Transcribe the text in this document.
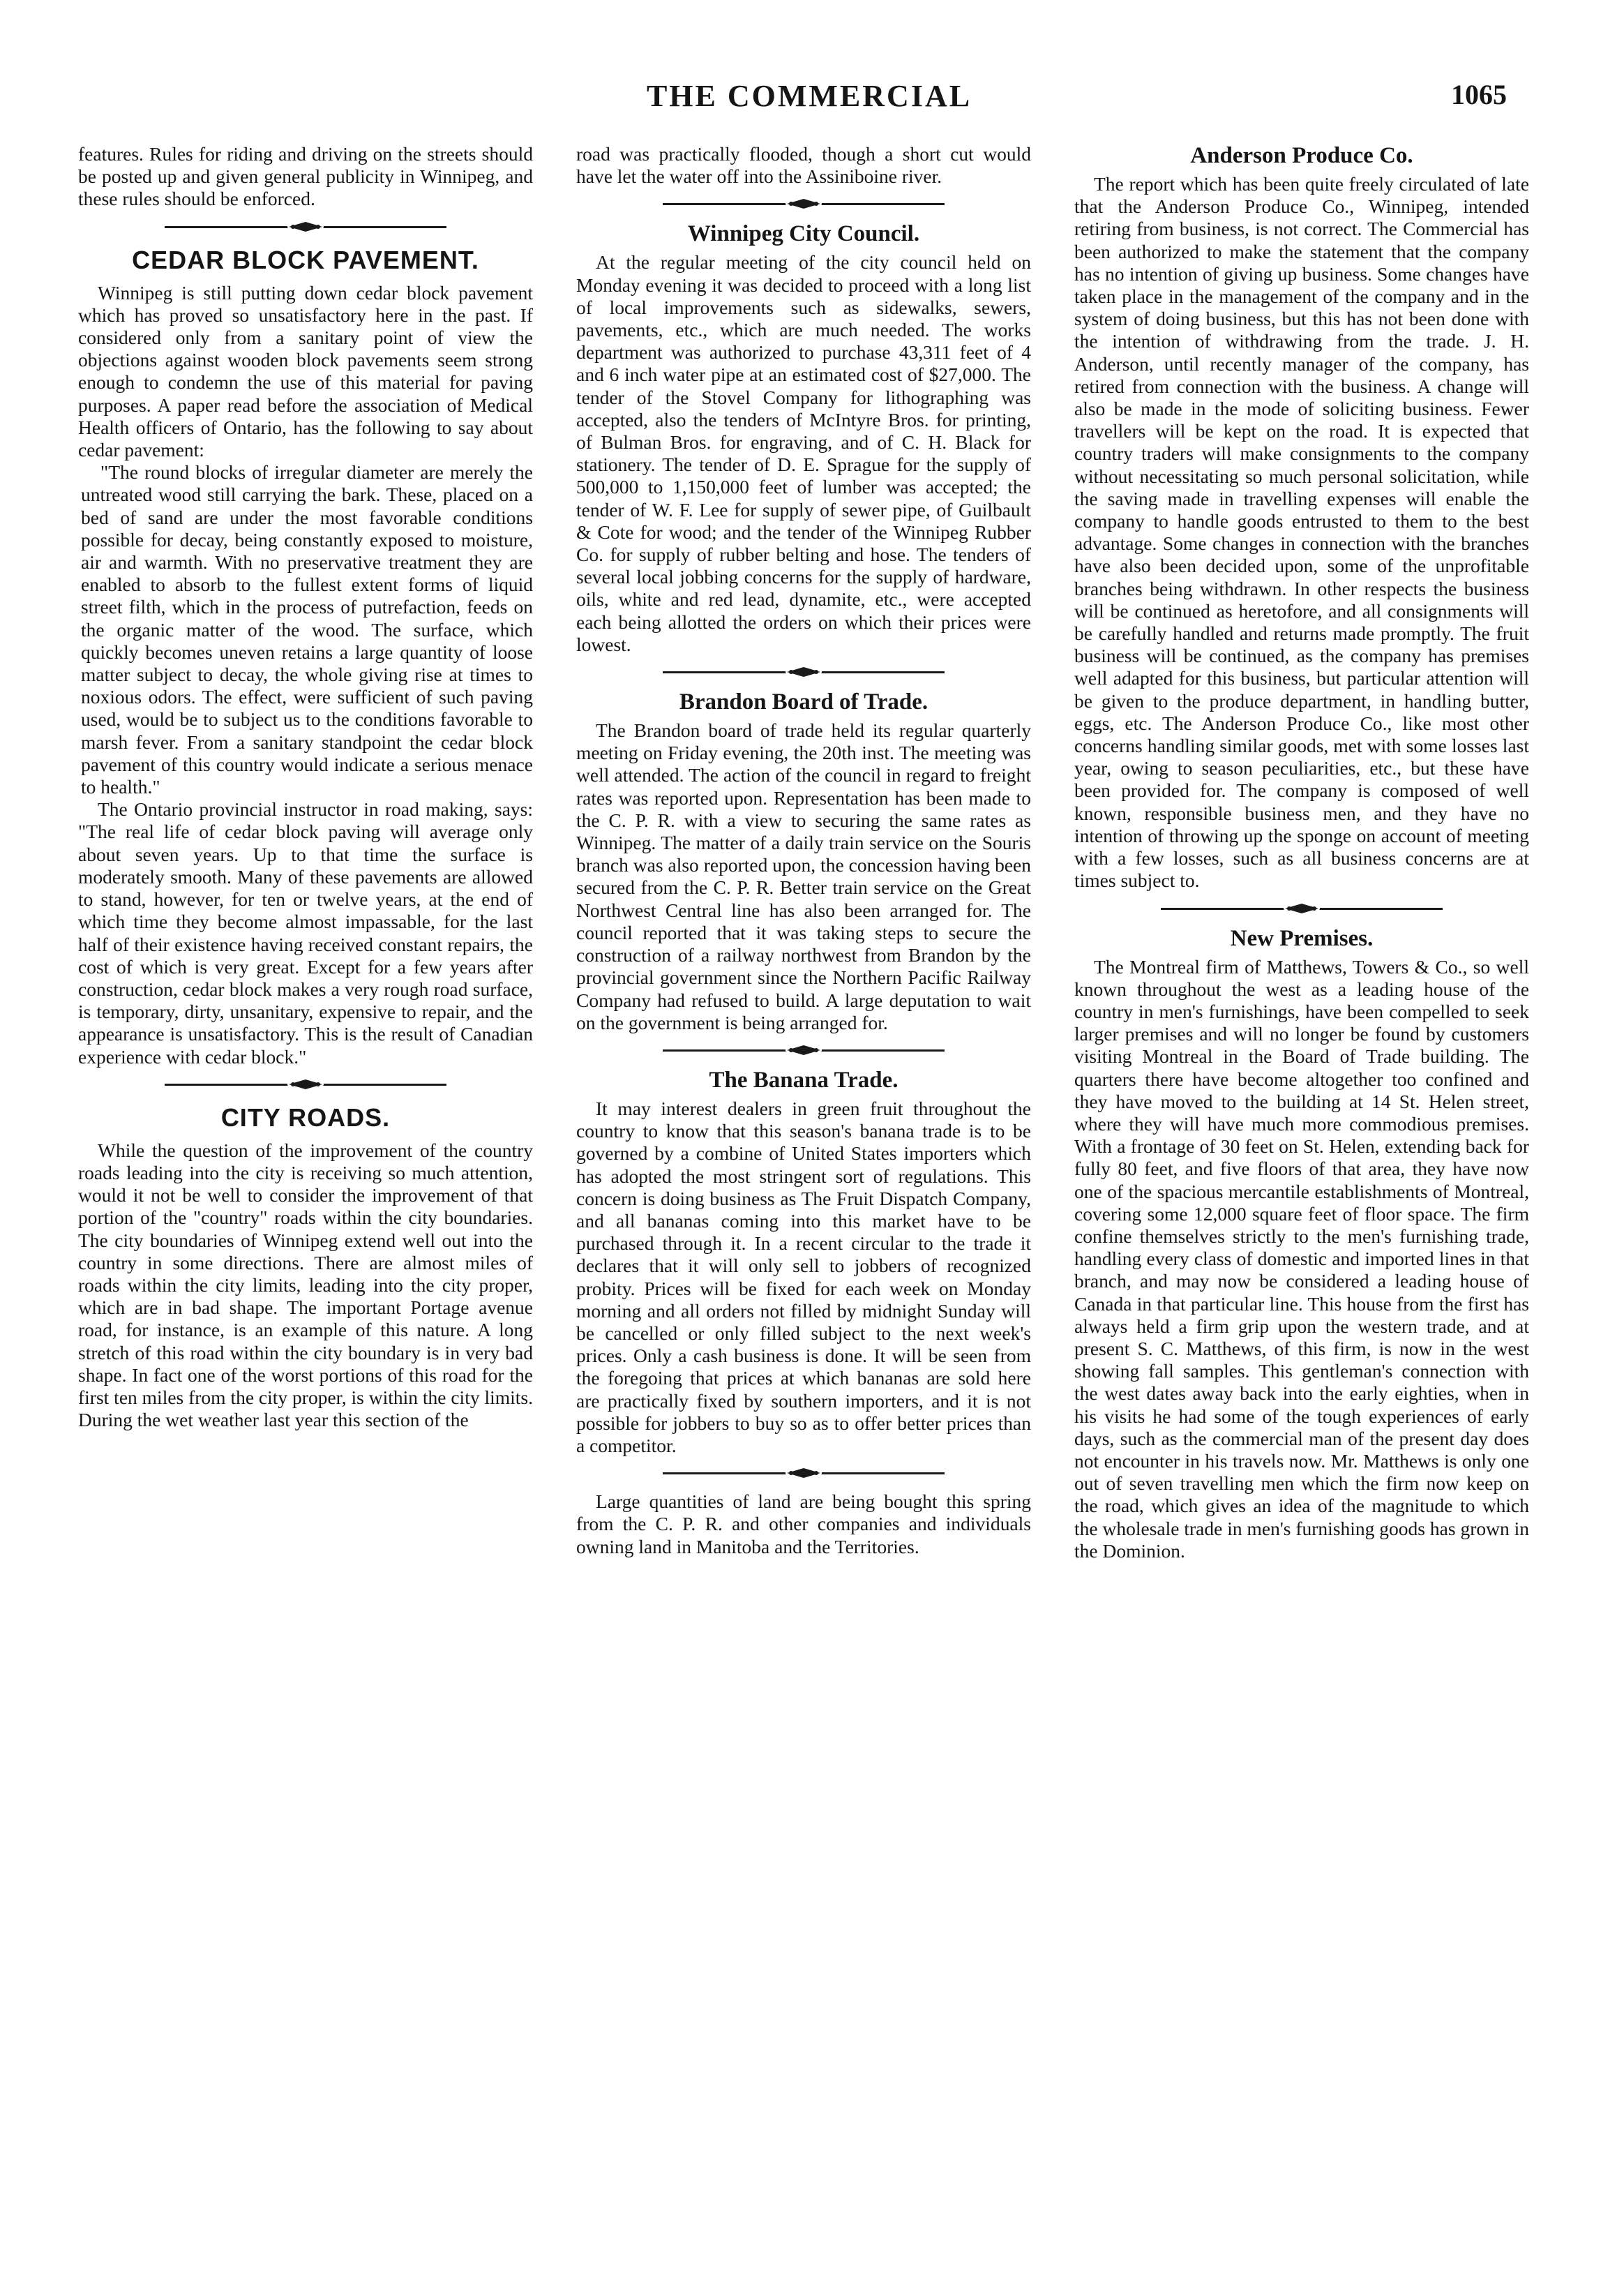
THE COMMERCIAL	1065

features. Rules for riding and driving on the streets should be posted up and given general publicity in Winnipeg, and these rules should be enforced.

CEDAR BLOCK PAVEMENT.

Winnipeg is still putting down cedar block pavement which has proved so unsatisfactory here in the past. If considered only from a sanitary point of view the objections against wooden block pavements seem strong enough to condemn the use of this material for paving purposes. A paper read before the association of Medical Health officers of Ontario, has the following to say about cedar pavement:

"The round blocks of irregular diameter are merely the untreated wood still carrying the bark. These, placed on a bed of sand are under the most favorable conditions possible for decay, being constantly exposed to moisture, air and warmth. With no preservative treatment they are enabled to absorb to the fullest extent forms of liquid street filth, which in the process of putrefaction, feeds on the organic matter of the wood. The surface, which quickly becomes uneven retains a large quantity of loose matter subject to decay, the whole giving rise at times to noxious odors. The effect, were sufficient of such paving used, would be to subject us to the conditions favorable to marsh fever. From a sanitary standpoint the cedar block pavement of this country would indicate a serious menace to health."

The Ontario provincial instructor in road making, says: "The real life of cedar block paving will average only about seven years. Up to that time the surface is moderately smooth. Many of these pavements are allowed to stand, however, for ten or twelve years, at the end of which time they become almost impassable, for the last half of their existence having received constant repairs, the cost of which is very great. Except for a few years after construction, cedar block makes a very rough road surface, is temporary, dirty, unsanitary, expensive to repair, and the appearance is unsatisfactory. This is the result of Canadian experience with cedar block."

CITY ROADS.

While the question of the improvement of the country roads leading into the city is receiving so much attention, would it not be well to consider the improvement of that portion of the "country" roads within the city boundaries. The city boundaries of Winnipeg extend well out into the country in some directions. There are almost miles of roads within the city limits, leading into the city proper, which are in bad shape. The important Portage avenue road, for instance, is an example of this nature. A long stretch of this road within the city boundary is in very bad shape. In fact one of the worst portions of this road for the first ten miles from the city proper, is within the city limits. During the wet weather last year this section of the

road was practically flooded, though a short cut would have let the water off into the Assiniboine river.

Winnipeg City Council.

At the regular meeting of the city council held on Monday evening it was decided to proceed with a long list of local improvements such as sidewalks, sewers, pavements, etc., which are much needed. The works department was authorized to purchase 43,311 feet of 4 and 6 inch water pipe at an estimated cost of $27,000. The tender of the Stovel Company for lithographing was accepted, also the tenders of McIntyre Bros. for printing, of Bulman Bros. for engraving, and of C. H. Black for stationery. The tender of D. E. Sprague for the supply of 500,000 to 1,150,000 feet of lumber was accepted; the tender of W. F. Lee for supply of sewer pipe, of Guilbault & Cote for wood; and the tender of the Winnipeg Rubber Co. for supply of rubber belting and hose. The tenders of several local jobbing concerns for the supply of hardware, oils, white and red lead, dynamite, etc., were accepted each being allotted the orders on which their prices were lowest.

Brandon Board of Trade.

The Brandon board of trade held its regular quarterly meeting on Friday evening, the 20th inst. The meeting was well attended. The action of the council in regard to freight rates was reported upon. Representation has been made to the C. P. R. with a view to securing the same rates as Winnipeg. The matter of a daily train service on the Souris branch was also reported upon, the concession having been secured from the C. P. R. Better train service on the Great Northwest Central line has also been arranged for. The council reported that it was taking steps to secure the construction of a railway northwest from Brandon by the provincial government since the Northern Pacific Railway Company had refused to build. A large deputation to wait on the government is being arranged for.

The Banana Trade.

It may interest dealers in green fruit throughout the country to know that this season's banana trade is to be governed by a combine of United States importers which has adopted the most stringent sort of regulations. This concern is doing business as The Fruit Dispatch Company, and all bananas coming into this market have to be purchased through it. In a recent circular to the trade it declares that it will only sell to jobbers of recognized probity. Prices will be fixed for each week on Monday morning and all orders not filled by midnight Sunday will be cancelled or only filled subject to the next week's prices. Only a cash business is done. It will be seen from the foregoing that prices at which bananas are sold here are practically fixed by southern importers, and it is not possible for jobbers to buy so as to offer better prices than a competitor.

Large quantities of land are being bought this spring from the C. P. R. and other companies and individuals owning land in Manitoba and the Territories.

Anderson Produce Co.

The report which has been quite freely circulated of late that the Anderson Produce Co., Winnipeg, intended retiring from business, is not correct. The Commercial has been authorized to make the statement that the company has no intention of giving up business. Some changes have taken place in the management of the company and in the system of doing business, but this has not been done with the intention of withdrawing from the trade. J. H. Anderson, until recently manager of the company, has retired from connection with the business. A change will also be made in the mode of soliciting business. Fewer travellers will be kept on the road. It is expected that country traders will make consignments to the company without necessitating so much personal solicitation, while the saving made in travelling expenses will enable the company to handle goods entrusted to them to the best advantage. Some changes in connection with the branches have also been decided upon, some of the unprofitable branches being withdrawn. In other respects the business will be continued as heretofore, and all consignments will be carefully handled and returns made promptly. The fruit business will be continued, as the company has premises well adapted for this business, but particular attention will be given to the produce department, in handling butter, eggs, etc. The Anderson Produce Co., like most other concerns handling similar goods, met with some losses last year, owing to season peculiarities, etc., but these have been provided for. The company is composed of well known, responsible business men, and they have no intention of throwing up the sponge on account of meeting with a few losses, such as all business concerns are at times subject to.

New Premises.

The Montreal firm of Matthews, Towers & Co., so well known throughout the west as a leading house of the country in men's furnishings, have been compelled to seek larger premises and will no longer be found by customers visiting Montreal in the Board of Trade building. The quarters there have become altogether too confined and they have moved to the building at 14 St. Helen street, where they will have much more commodious premises. With a frontage of 30 feet on St. Helen, extending back for fully 80 feet, and five floors of that area, they have now one of the spacious mercantile establishments of Montreal, covering some 12,000 square feet of floor space. The firm confine themselves strictly to the men's furnishing trade, handling every class of domestic and imported lines in that branch, and may now be considered a leading house of Canada in that particular line. This house from the first has always held a firm grip upon the western trade, and at present S. C. Matthews, of this firm, is now in the west showing fall samples. This gentleman's connection with the west dates away back into the early eighties, when in his visits he had some of the tough experiences of early days, such as the commercial man of the present day does not encounter in his travels now. Mr. Matthews is only one out of seven travelling men which the firm now keep on the road, which gives an idea of the magnitude to which the wholesale trade in men's furnishing goods has grown in the Dominion.
